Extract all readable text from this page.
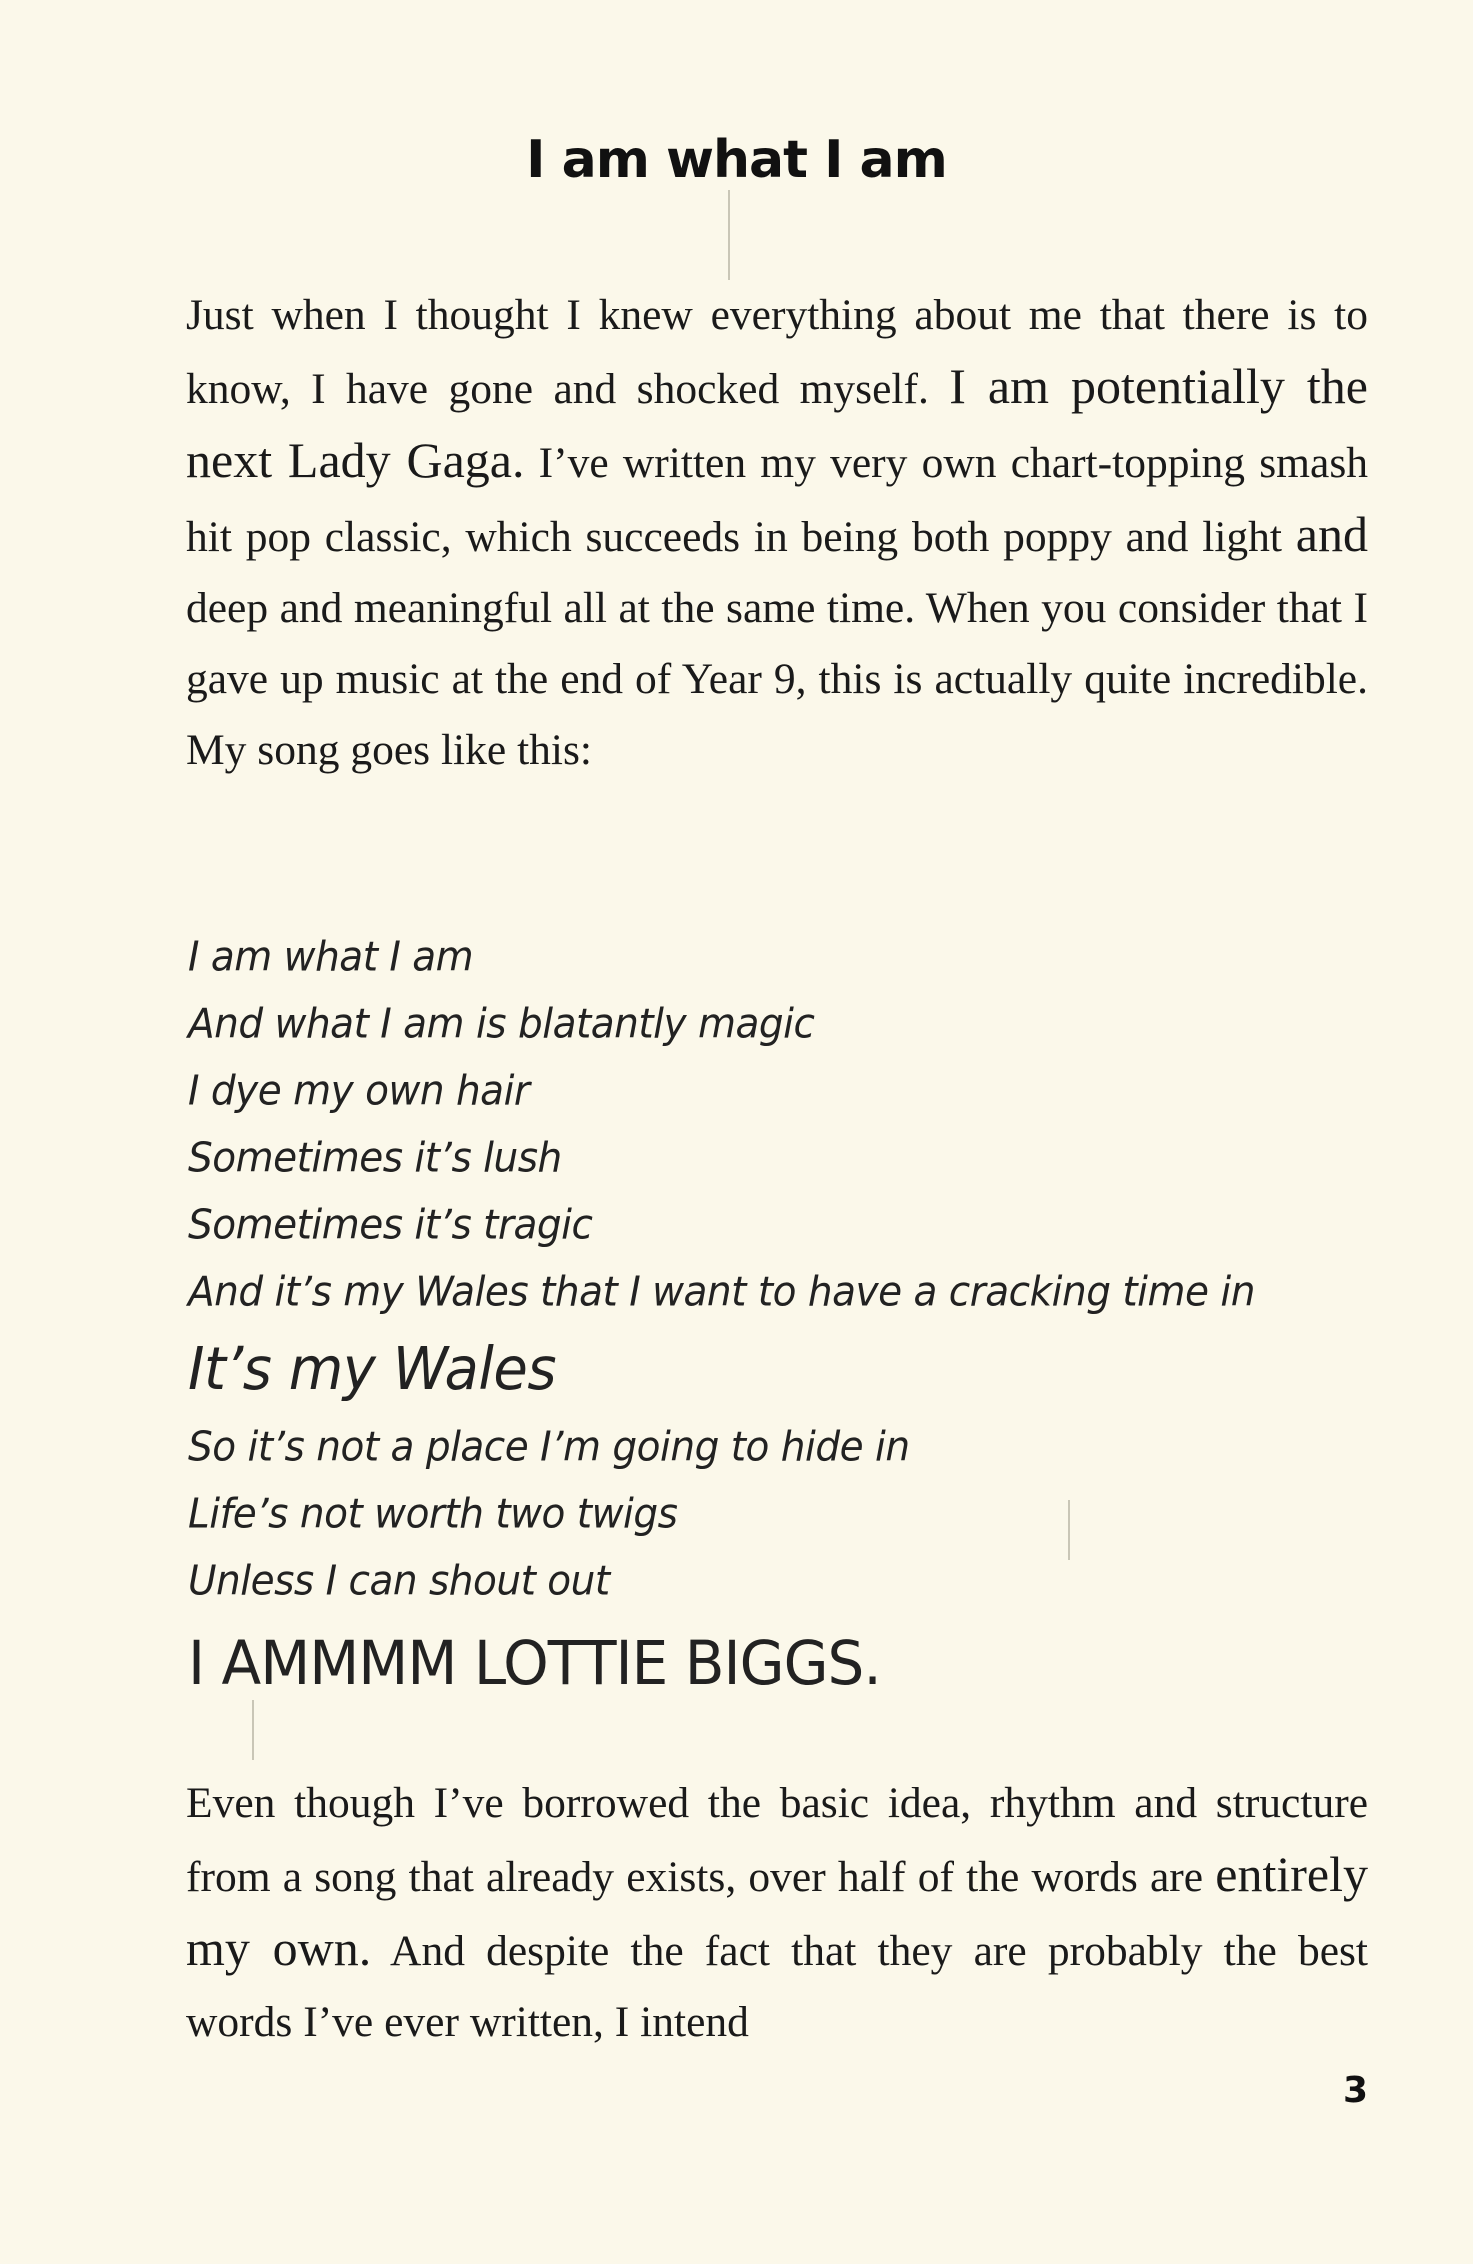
I am what I am

Just when I thought I knew everything about me that there is to know, I have gone and shocked myself. I am potentially the next Lady Gaga. I’ve written my very own chart-topping smash hit pop classic, which succeeds in being both poppy and light and deep and meaningful all at the same time. When you consider that I gave up music at the end of Year 9, this is actually quite incredible. My song goes like this:

I am what I am
And what I am is blatantly magic
I dye my own hair
Sometimes it’s lush
Sometimes it’s tragic
And it’s my Wales that I want to have a cracking time in
It’s my Wales
So it’s not a place I’m going to hide in
Life’s not worth two twigs
Unless I can shout out
I AMMMM LOTTIE BIGGS.

Even though I’ve borrowed the basic idea, rhythm and structure from a song that already exists, over half of the words are entirely my own. And despite the fact that they are probably the best words I’ve ever written, I intend

3
